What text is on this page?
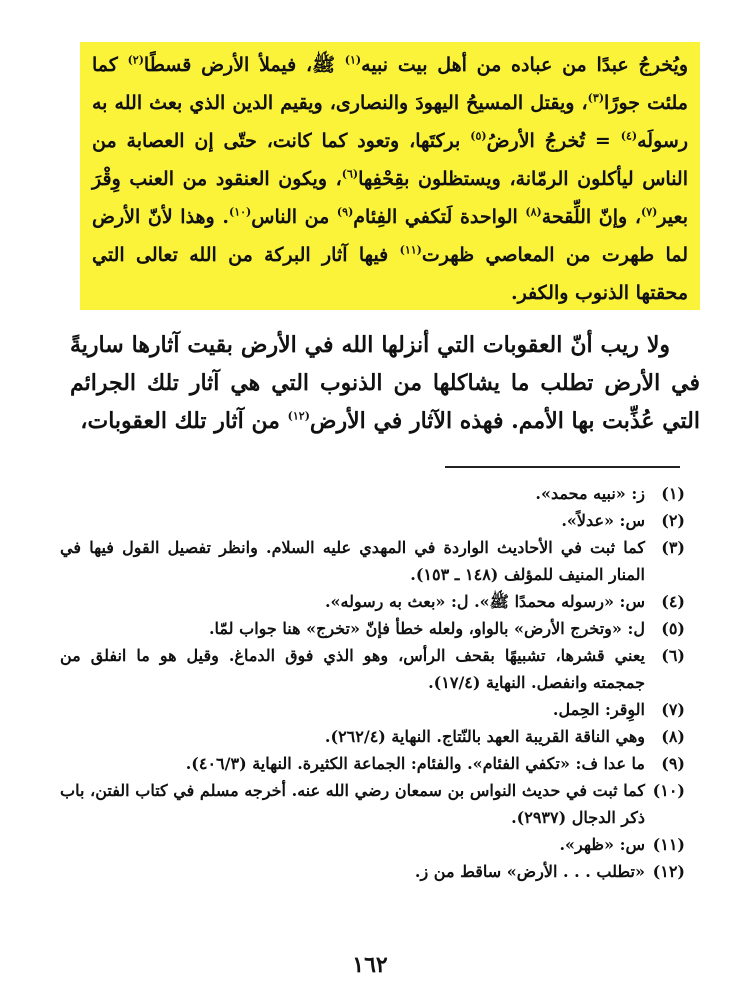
ويُخرجُ عبدًا من عباده من أهل بيت نبيه$^{(١)}$ ﷺ، فيملأ الأرض قسطًا$^{(٢)}$ كما ملئت جورًا$^{(٣)}$، ويقتل المسيحُ اليهودَ والنصارى، ويقيم الدين الذي بعث الله به رسولَه$^{(٤)}$ = تُخرجُ الأرضُ$^{(٥)}$ بركتَها، وتعود كما كانت، حتّى إن العصابة من الناس ليأكلون الرمّانة، ويستظلون بقِحْفِها$^{(٦)}$، ويكون العنقود من العنب وِقْرَ بعير$^{(٧)}$، وإنّ اللِّقحة$^{(٨)}$ الواحدة لَتكفي الفِئام$^{(٩)}$ من الناس$^{(١٠)}$. وهذا لأنّ الأرض لما طهرت من المعاصي ظهرت$^{(١١)}$ فيها آثار البركة من الله تعالى التي محقتها الذنوب والكفر.

ولا ريب أنّ العقوبات التي أنزلها الله في الأرض بقيت آثارها ساريةً في الأرض تطلب ما يشاكلها من الذنوب التي هي آثار تلك الجرائم التي عُذِّبت بها الأمم. فهذه الآثار في الأرض$^{(١٢)}$ من آثار تلك العقوبات،

(١)
ز: «نبيه محمد».
(٢)
س: «عدلاً».
(٣)
كما ثبت في الأحاديث الواردة في المهدي عليه السلام. وانظر تفصيل القول فيها في المنار المنيف للمؤلف (١٤٨ ـ ١٥٣).
(٤)
س: «رسوله محمدًا ﷺ». ل: «بعث به رسوله».
(٥)
ل: «وتخرج الأرض» بالواو، ولعله خطأ فإنّ «تخرج» هنا جواب لمّا.
(٦)
يعني قشرها، تشبيهًا بقحف الرأس، وهو الذي فوق الدماغ. وقيل هو ما انفلق من جمجمته وانفصل. النهاية (١٧/٤).
(٧)
الوِقر: الحِمل.
(٨)
وهي الناقة القريبة العهد بالنّتاج. النهاية (٢٦٢/٤).
(٩)
ما عدا ف: «تكفي الفئام». والفئام: الجماعة الكثيرة. النهاية (٤٠٦/٣).
(١٠)
كما ثبت في حديث النواس بن سمعان رضي الله عنه. أخرجه مسلم في كتاب الفتن، باب ذكر الدجال (٢٩٣٧).
(١١)
س: «ظهر».
(١٢)
«تطلب . . . الأرض» ساقط من ز.
١٦٢
